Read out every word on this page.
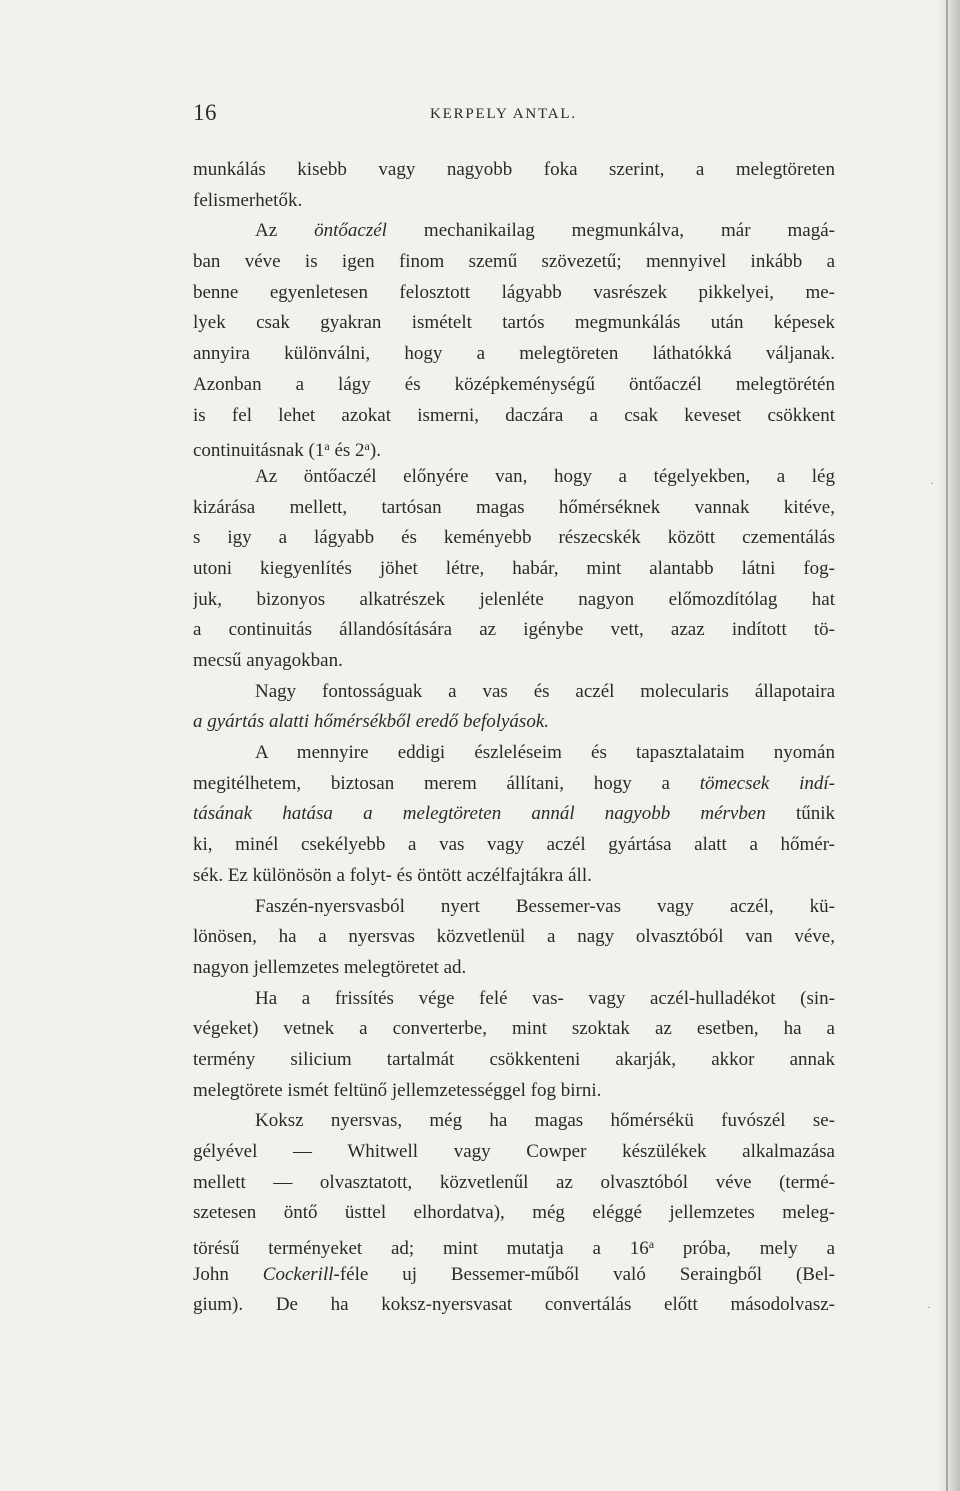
16	KERPELY ANTAL.
munkálás kisebb vagy nagyobb foka szerint, a melegtöreten
felismerhetők.
Az öntőaczél mechanikailag megmunkálva, már magá-
ban véve is igen finom szemű szövezetű; mennyivel inkább a
benne egyenletesen felosztott lágyabb vasrészek pikkelyei, me-
lyek csak gyakran ismételt tartós megmunkálás után képesek
annyira különválni, hogy a melegtöreten láthatókká váljanak.
Azonban a lágy és középkeménységű öntőaczél melegtörétén
is fel lehet azokat ismerni, daczára a csak keveset csökkent
continuitásnak (1$^a$ és 2$^a$).
Az öntőaczél előnyére van, hogy a tégelyekben, a lég
kizárása mellett, tartósan magas hőmérséknek vannak kitéve,
s igy a lágyabb és keményebb részecskék között czementálás
utoni kiegyenlítés jöhet létre, habár, mint alantabb látni fog-
juk, bizonyos alkatrészek jelenléte nagyon előmozdítólag hat
a continuitás állandósítására az igénybe vett, azaz indított tö-
mecsű anyagokban.
Nagy fontosságuak a vas és aczél molecularis állapotaira
a gyártás alatti hőmérsékből eredő befolyások.
A mennyire eddigi észleléseim és tapasztalataim nyomán
megitélhetem, biztosan merem állítani, hogy a tömecsek indí-
tásának hatása a melegtöreten annál nagyobb mérvben tűnik
ki, minél csekélyebb a vas vagy aczél gyártása alatt a hőmér-
sék. Ez különösön a folyt- és öntött aczélfajtákra áll.
Faszén-nyersvasból nyert Bessemer-vas vagy aczél, kü-
lönösen, ha a nyersvas közvetlenül a nagy olvasztóból van véve,
nagyon jellemzetes melegtöretet ad.
Ha a frissítés vége felé vas- vagy aczél-hulladékot (sin-
végeket) vetnek a converterbe, mint szoktak az esetben, ha a
termény silicium tartalmát csökkenteni akarják, akkor annak
melegtörete ismét feltünő jellemzetességgel fog birni.
Koksz nyersvas, még ha magas hőmérsékü fuvószél se-
gélyével — Whitwell vagy Cowper készülékek alkalmazása
mellett — olvasztatott, közvetlenűl az olvasztóból véve (termé-
szetesen öntő üsttel elhordatva), még eléggé jellemzetes meleg-
törésű terményeket ad; mint mutatja a 16$^a$ próba, mely a
John Cockerill-féle uj Bessemer-műből való Seraingből (Bel-
gium). De ha koksz-nyersvasat convertálás előtt másodolvasz-
·
·
